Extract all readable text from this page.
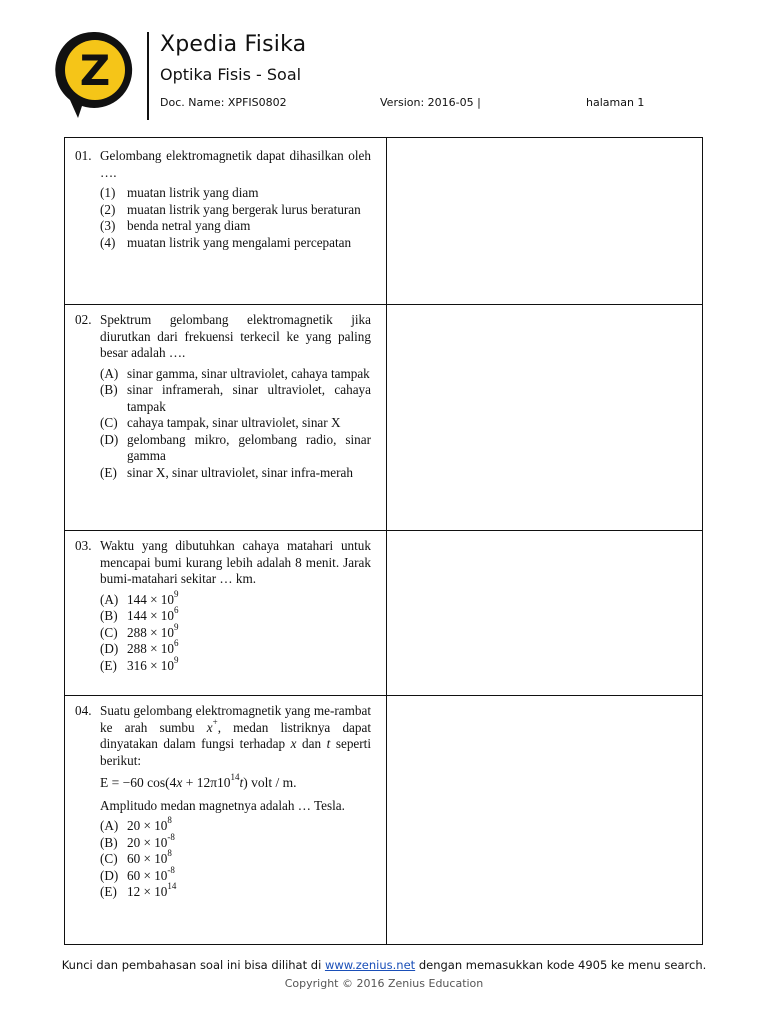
Z
Xpedia Fisika
Optika Fisis - Soal
Doc. Name: XPFIS0802	Version: 2016-05 |	halaman 1
01. Gelombang elektromagnetik dapat dihasilkan oleh ….
(1) muatan listrik yang diam
(2) muatan listrik yang bergerak lurus beraturan
(3) benda netral yang diam
(4) muatan listrik yang mengalami percepatan
02. Spektrum gelombang elektromagnetik jika diurutkan dari frekuensi terkecil ke yang paling besar adalah ….
(A) sinar gamma, sinar ultraviolet, cahaya tampak
(B) sinar inframerah, sinar ultraviolet, cahaya tampak
(C) cahaya tampak, sinar ultraviolet, sinar X
(D) gelombang mikro, gelombang radio, sinar gamma
(E) sinar X, sinar ultraviolet, sinar infra-merah
03. Waktu yang dibutuhkan cahaya matahari untuk mencapai bumi kurang lebih adalah 8 menit. Jarak bumi-matahari sekitar … km.
(A) $144 \times 10^9$
(B) $144 \times 10^6$
(C) $288 \times 10^9$
(D) $288 \times 10^6$
(E) $316 \times 10^9$
04. Suatu gelombang elektromagnetik yang me-rambat ke arah sumbu x+, medan listriknya dapat dinyatakan dalam fungsi terhadap x dan t seperti berikut:
E = −60 $\cos(4x + 12\pi 10^{14}t)$ volt / m.
Amplitudo medan magnetnya adalah … Tesla.
(A) $20 \times 10^8$
(B) $20 \times 10^{-8}$
(C) $60 \times 10^8$
(D) $60 \times 10^{-8}$
(E) $12 \times 10^{14}$
Kunci dan pembahasan soal ini bisa dilihat di www.zenius.net dengan memasukkan kode 4905 ke menu search.
Copyright © 2016 Zenius Education
